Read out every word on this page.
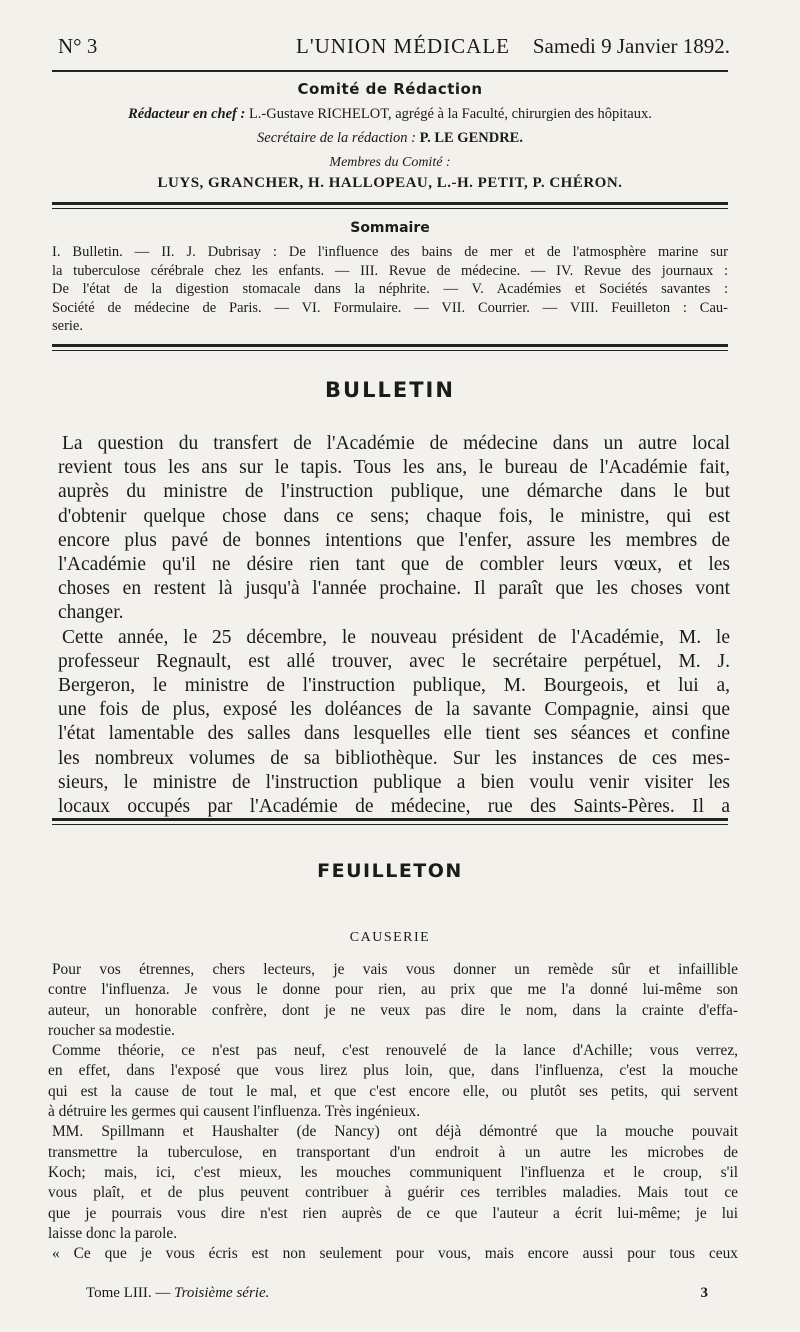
N° 3	L'UNION MÉDICALE Samedi 9 Janvier 1892.
Comité de Rédaction
Rédacteur en chef : L.-Gustave RICHELOT, agrégé à la Faculté, chirurgien des hôpitaux.
Secrétaire de la rédaction : P. LE GENDRE.
Membres du Comité :
LUYS, GRANCHER, H. HALLOPEAU, L.-H. PETIT, P. CHÉRON.
Sommaire
I. Bulletin. — II. J. Dubrisay : De l'influence des bains de mer et de l'atmosphère marine sur
la tuberculose cérébrale chez les enfants. — III. Revue de médecine. — IV. Revue des journaux :
De l'état de la digestion stomacale dans la néphrite. — V. Académies et Sociétés savantes :
Société de médecine de Paris. — VI. Formulaire. — VII. Courrier. — VIII. Feuilleton : Cau-
serie.
BULLETIN
La question du transfert de l'Académie de médecine dans un autre local
revient tous les ans sur le tapis. Tous les ans, le bureau de l'Académie fait,
auprès du ministre de l'instruction publique, une démarche dans le but
d'obtenir quelque chose dans ce sens; chaque fois, le ministre, qui est
encore plus pavé de bonnes intentions que l'enfer, assure les membres de
l'Académie qu'il ne désire rien tant que de combler leurs vœux, et les
choses en restent là jusqu'à l'année prochaine. Il paraît que les choses vont
changer.
Cette année, le 25 décembre, le nouveau président de l'Académie, M. le
professeur Regnault, est allé trouver, avec le secrétaire perpétuel, M. J.
Bergeron, le ministre de l'instruction publique, M. Bourgeois, et lui a,
une fois de plus, exposé les doléances de la savante Compagnie, ainsi que
l'état lamentable des salles dans lesquelles elle tient ses séances et confine
les nombreux volumes de sa bibliothèque. Sur les instances de ces mes-
sieurs, le ministre de l'instruction publique a bien voulu venir visiter les
locaux occupés par l'Académie de médecine, rue des Saints-Pères. Il a
FEUILLETON
CAUSERIE
Pour vos étrennes, chers lecteurs, je vais vous donner un remède sûr et infaillible
contre l'influenza. Je vous le donne pour rien, au prix que me l'a donné lui-même son
auteur, un honorable confrère, dont je ne veux pas dire le nom, dans la crainte d'effa-
roucher sa modestie.
Comme théorie, ce n'est pas neuf, c'est renouvelé de la lance d'Achille; vous verrez,
en effet, dans l'exposé que vous lirez plus loin, que, dans l'influenza, c'est la mouche
qui est la cause de tout le mal, et que c'est encore elle, ou plutôt ses petits, qui servent
à détruire les germes qui causent l'influenza. Très ingénieux.
MM. Spillmann et Haushalter (de Nancy) ont déjà démontré que la mouche pouvait
transmettre la tuberculose, en transportant d'un endroit à un autre les microbes de
Koch; mais, ici, c'est mieux, les mouches communiquent l'influenza et le croup, s'il
vous plaît, et de plus peuvent contribuer à guérir ces terribles maladies. Mais tout ce
que je pourrais vous dire n'est rien auprès de ce que l'auteur a écrit lui-même; je lui
laisse donc la parole.
« Ce que je vous écris est non seulement pour vous, mais encore aussi pour tous ceux
Tome LIII. — Troisième série.	3
